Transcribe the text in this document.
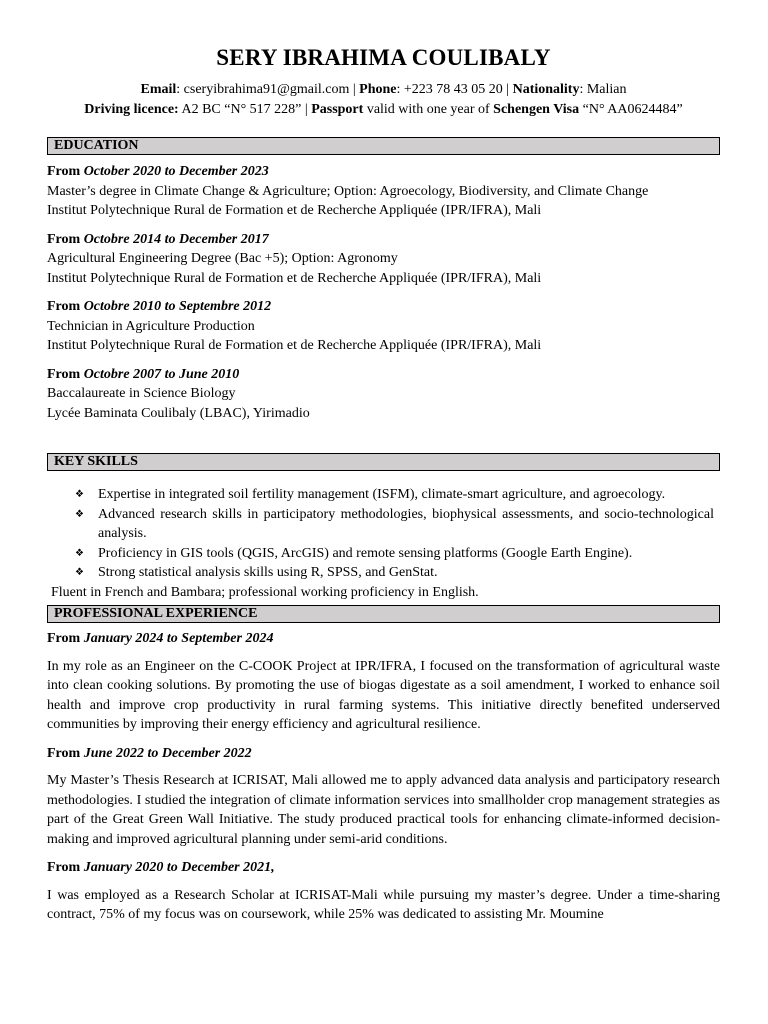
SERY IBRAHIMA COULIBALY
Email: cseryibrahima91@gmail.com | Phone: +223 78 43 05 20 | Nationality: Malian
Driving licence: A2 BC “N° 517 228” | Passport valid with one year of Schengen Visa “N° AA0624484”
EDUCATION
From October 2020 to December 2023
Master’s degree in Climate Change & Agriculture; Option: Agroecology, Biodiversity, and Climate Change
Institut Polytechnique Rural de Formation et de Recherche Appliquée (IPR/IFRA), Mali
From Octobre 2014 to December 2017
Agricultural Engineering Degree (Bac +5); Option: Agronomy
Institut Polytechnique Rural de Formation et de Recherche Appliquée (IPR/IFRA), Mali
From Octobre 2010 to Septembre 2012
Technician in Agriculture Production
Institut Polytechnique Rural de Formation et de Recherche Appliquée (IPR/IFRA), Mali
From Octobre 2007 to June 2010
Baccalaureate in Science Biology
Lycée Baminata Coulibaly (LBAC), Yirimadio
KEY SKILLS
❖ Expertise in integrated soil fertility management (ISFM), climate-smart agriculture, and agroecology.
❖ Advanced research skills in participatory methodologies, biophysical assessments, and socio-technological analysis.
❖ Proficiency in GIS tools (QGIS, ArcGIS) and remote sensing platforms (Google Earth Engine).
❖ Strong statistical analysis skills using R, SPSS, and GenStat.
Fluent in French and Bambara; professional working proficiency in English.
PROFESSIONAL EXPERIENCE
From January 2024 to September 2024
In my role as an Engineer on the C-COOK Project at IPR/IFRA, I focused on the transformation of agricultural waste into clean cooking solutions. By promoting the use of biogas digestate as a soil amendment, I worked to enhance soil health and improve crop productivity in rural farming systems. This initiative directly benefited underserved communities by improving their energy efficiency and agricultural resilience.
From June 2022 to December 2022
My Master’s Thesis Research at ICRISAT, Mali allowed me to apply advanced data analysis and participatory research methodologies. I studied the integration of climate information services into smallholder crop management strategies as part of the Great Green Wall Initiative. The study produced practical tools for enhancing climate-informed decision-making and improved agricultural planning under semi-arid conditions.
From January 2020 to December 2021,
I was employed as a Research Scholar at ICRISAT-Mali while pursuing my master’s degree. Under a time-sharing contract, 75% of my focus was on coursework, while 25% was dedicated to assisting Mr. Moumine
